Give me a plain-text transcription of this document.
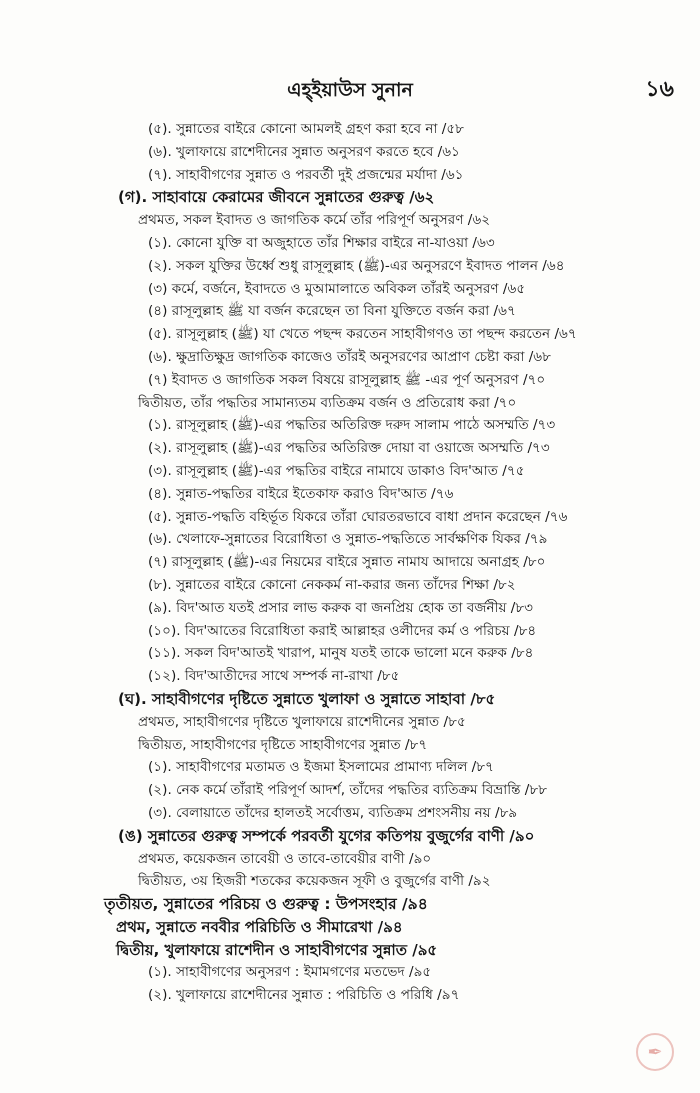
এহ্ইয়াউস সুনান	১৬
(৫). সুন্নাতের বাইরে কোনো আমলই গ্রহণ করা হবে না /৫৮
(৬). খুলাফায়ে রাশেদীনের সুন্নাত অনুসরণ করতে হবে /৬১
(৭). সাহাবীগণের সুন্নাত ও পরবর্তী দুই প্রজন্মের মর্যাদা /৬১
(গ). সাহাবায়ে কেরামের জীবনে সুন্নাতের গুরুত্ব /৬২
প্রথমত, সকল ইবাদত ও জাগতিক কর্মে তাঁর পরিপূর্ণ অনুসরণ /৬২
(১). কোনো যুক্তি বা অজুহাতে তাঁর শিক্ষার বাইরে না-যাওয়া /৬৩
(২). সকল যুক্তির উর্ধ্বে শুধু রাসূলুল্লাহ (ﷺ)-এর অনুসরণে ইবাদত পালন /৬৪
(৩) কর্মে, বর্জনে, ইবাদতে ও মুআমালাতে অবিকল তাঁরই অনুসরণ /৬৫
(৪) রাসূলুল্লাহ ﷺ যা বর্জন করেছেন তা বিনা যুক্তিতে বর্জন করা /৬৭
(৫). রাসূলুল্লাহ (ﷺ) যা খেতে পছন্দ করতেন সাহাবীগণও তা পছন্দ করতেন /৬৭
(৬). ক্ষুদ্রাতিক্ষুদ্র জাগতিক কাজেও তাঁরই অনুসরণের আপ্রাণ চেষ্টা করা /৬৮
(৭) ইবাদত ও জাগতিক সকল বিষয়ে রাসূলুল্লাহ ﷺ -এর পূর্ণ অনুসরণ /৭০
দ্বিতীয়ত, তাঁর পদ্ধতির সামান্যতম ব্যতিক্রম বর্জন ও প্রতিরোধ করা /৭০
(১). রাসূলুল্লাহ (ﷺ)-এর পদ্ধতির অতিরিক্ত দরুদ সালাম পাঠে অসম্মতি /৭৩
(২). রাসূলুল্লাহ (ﷺ)-এর পদ্ধতির অতিরিক্ত দোয়া বা ওয়াজে অসম্মতি /৭৩
(৩). রাসূলুল্লাহ (ﷺ)-এর পদ্ধতির বাইরে নামাযে ডাকাও বিদ'আত /৭৫
(৪). সুন্নাত-পদ্ধতির বাইরে ইতেকাফ করাও বিদ'আত /৭৬
(৫). সুন্নাত-পদ্ধতি বহির্ভূত যিকরে তাঁরা ঘোরতরভাবে বাধা প্রদান করেছেন /৭৬
(৬). খেলাফে-সুন্নাতের বিরোধিতা ও সুন্নাত-পদ্ধতিতে সার্বক্ষণিক যিকর /৭৯
(৭) রাসূলুল্লাহ (ﷺ)-এর নিয়মের বাইরে সুন্নাত নামায আদায়ে অনাগ্রহ /৮০
(৮). সুন্নাতের বাইরে কোনো নেককর্ম না-করার জন্য তাঁদের শিক্ষা /৮২
(৯). বিদ'আত যতই প্রসার লাভ করুক বা জনপ্রিয় হোক তা বর্জনীয় /৮৩
(১০). বিদ'আতের বিরোধিতা করাই আল্লাহর ওলীদের কর্ম ও পরিচয় /৮৪
(১১). সকল বিদ'আতই খারাপ, মানুষ যতই তাকে ভালো মনে করুক /৮৪
(১২). বিদ'আতীদের সাথে সম্পর্ক না-রাখা /৮৫
(ঘ). সাহাবীগণের দৃষ্টিতে সুন্নাতে খুলাফা ও সুন্নাতে সাহাবা /৮৫
প্রথমত, সাহাবীগণের দৃষ্টিতে খুলাফায়ে রাশেদীনের সুন্নাত /৮৫
দ্বিতীয়ত, সাহাবীগণের দৃষ্টিতে সাহাবীগণের সুন্নাত /৮৭
(১). সাহাবীগণের মতামত ও ইজমা ইসলামের প্রামাণ্য দলিল /৮৭
(২). নেক কর্মে তাঁরাই পরিপূর্ণ আদর্শ, তাঁদের পদ্ধতির ব্যতিক্রম বিভ্রান্তি /৮৮
(৩). বেলায়াতে তাঁদের হালতই সর্বোত্তম, ব্যতিক্রম প্রশংসনীয় নয় /৮৯
(ঙ) সুন্নাতের গুরুত্ব সম্পর্কে পরবর্তী যুগের কতিপয় বুজুর্গের বাণী /৯০
প্রথমত, কয়েকজন তাবেয়ী ও তাবে-তাবেয়ীর বাণী /৯০
দ্বিতীয়ত, ৩য় হিজরী শতকের কয়েকজন সূফী ও বুজুর্গের বাণী /৯২
তৃতীয়ত, সুন্নাতের পরিচয় ও গুরুত্ব : উপসংহার /৯৪
প্রথম, সুন্নাতে নববীর পরিচিতি ও সীমারেখা /৯৪
দ্বিতীয়, খুলাফায়ে রাশেদীন ও সাহাবীগণের সুন্নাত /৯৫
(১). সাহাবীগণের অনুসরণ : ইমামগণের মতভেদ /৯৫
(২). খুলাফায়ে রাশেদীনের সুন্নাত : পরিচিতি ও পরিধি /৯৭
✒
